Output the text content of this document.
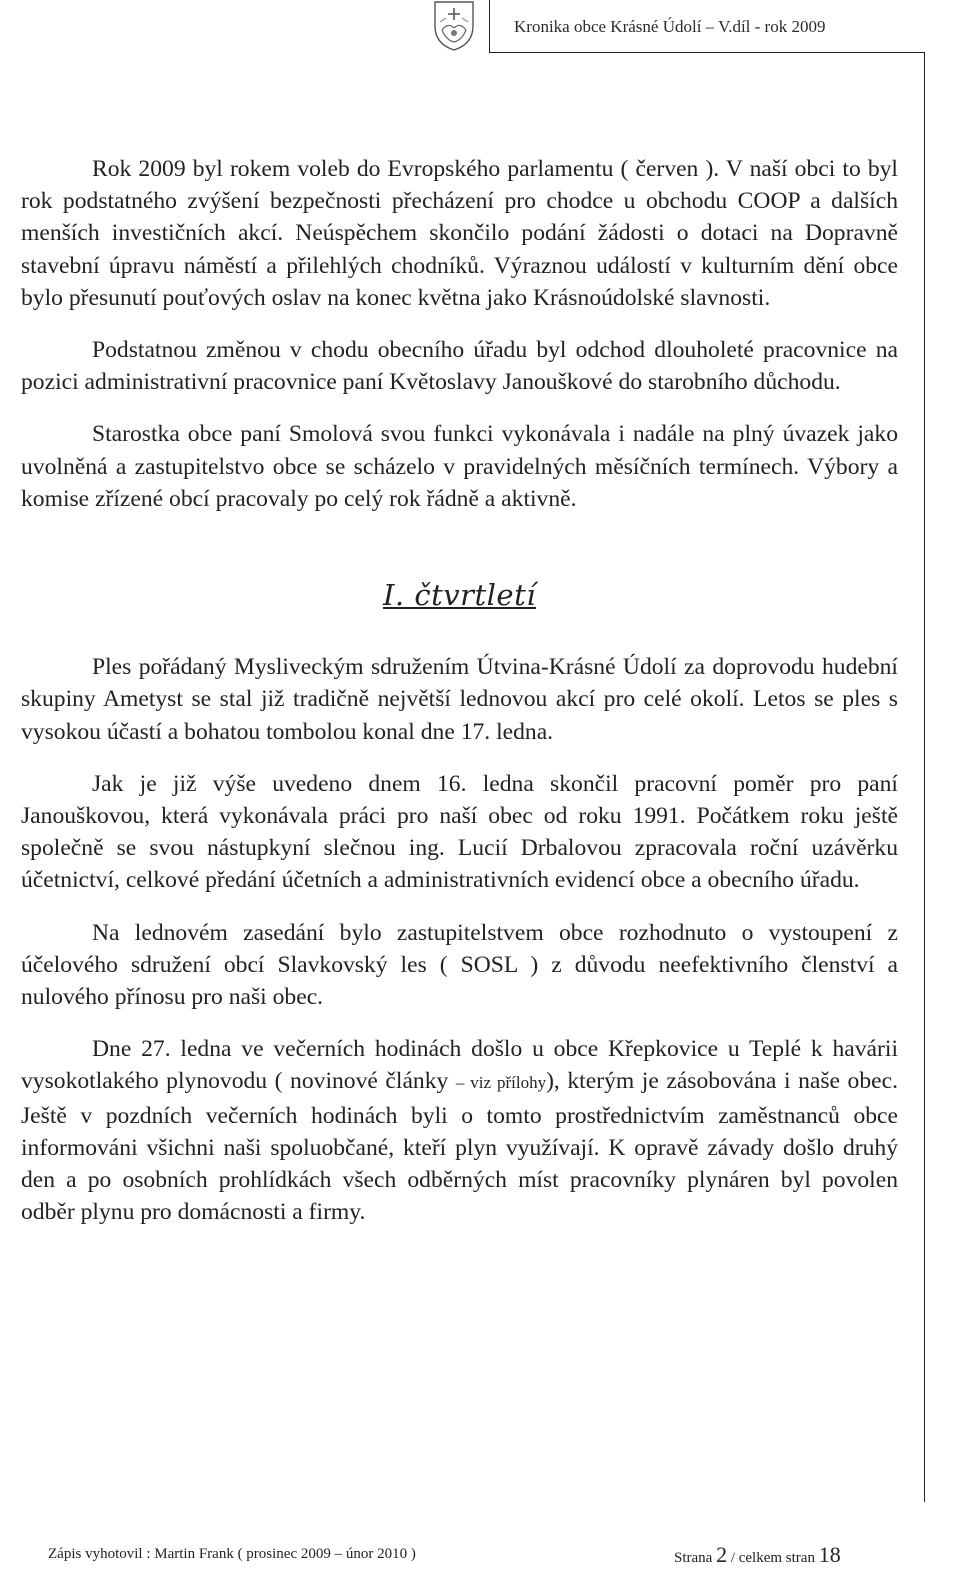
Kronika obce Krásné Údolí – V.díl - rok 2009

Rok 2009 byl rokem voleb do Evropského parlamentu ( červen ). V naší obci to byl rok podstatného zvýšení bezpečnosti přecházení pro chodce u obchodu COOP a dalších menších investičních akcí. Neúspěchem skončilo podání žádosti o dotaci na Dopravně stavební úpravu náměstí a přilehlých chodníků. Výraznou událostí v kulturním dění obce bylo přesunutí pouťových oslav na konec května jako Krásnoúdolské slavnosti.

Podstatnou změnou v chodu obecního úřadu byl odchod dlouholeté pracovnice na pozici administrativní pracovnice paní Květoslavy Janouškové do starobního důchodu.

Starostka obce paní Smolová svou funkci vykonávala i nadále na plný úvazek jako uvolněná a zastupitelstvo obce se scházelo v pravidelných měsíčních termínech. Výbory a komise zřízené obcí pracovaly po celý rok řádně a aktivně.

I. čtvrtletí

Ples pořádaný Mysliveckým sdružením Útvina-Krásné Údolí za doprovodu hudební skupiny Ametyst se stal již tradičně největší lednovou akcí pro celé okolí. Letos se ples s vysokou účastí a bohatou tombolou konal dne 17. ledna.

Jak je již výše uvedeno dnem 16. ledna skončil pracovní poměr pro paní Janouškovou, která vykonávala práci pro naší obec od roku 1991. Počátkem roku ještě společně se svou nástupkyní slečnou ing. Lucií Drbalovou zpracovala roční uzávěrku účetnictví, celkové předání účetních a administrativních evidencí obce a obecního úřadu.

Na lednovém zasedání bylo zastupitelstvem obce rozhodnuto o vystoupení z účelového sdružení obcí Slavkovský les ( SOSL ) z důvodu neefektivního členství a nulového přínosu pro naši obec.

Dne 27. ledna ve večerních hodinách došlo u obce Křepkovice u Teplé k havárii vysokotlakého plynovodu ( novinové články – viz přílohy), kterým je zásobována i naše obec. Ještě v pozdních večerních hodinách byli o tomto prostřednictvím zaměstnanců obce informováni všichni naši spoluobčané, kteří plyn využívají. K opravě závady došlo druhý den a po osobních prohlídkách všech odběrných míst pracovníky plynáren byl povolen odběr plynu pro domácnosti a firmy.

Zápis vyhotovil : Martin Frank ( prosinec 2009 – únor 2010 )	Strana 2 / celkem stran 18
